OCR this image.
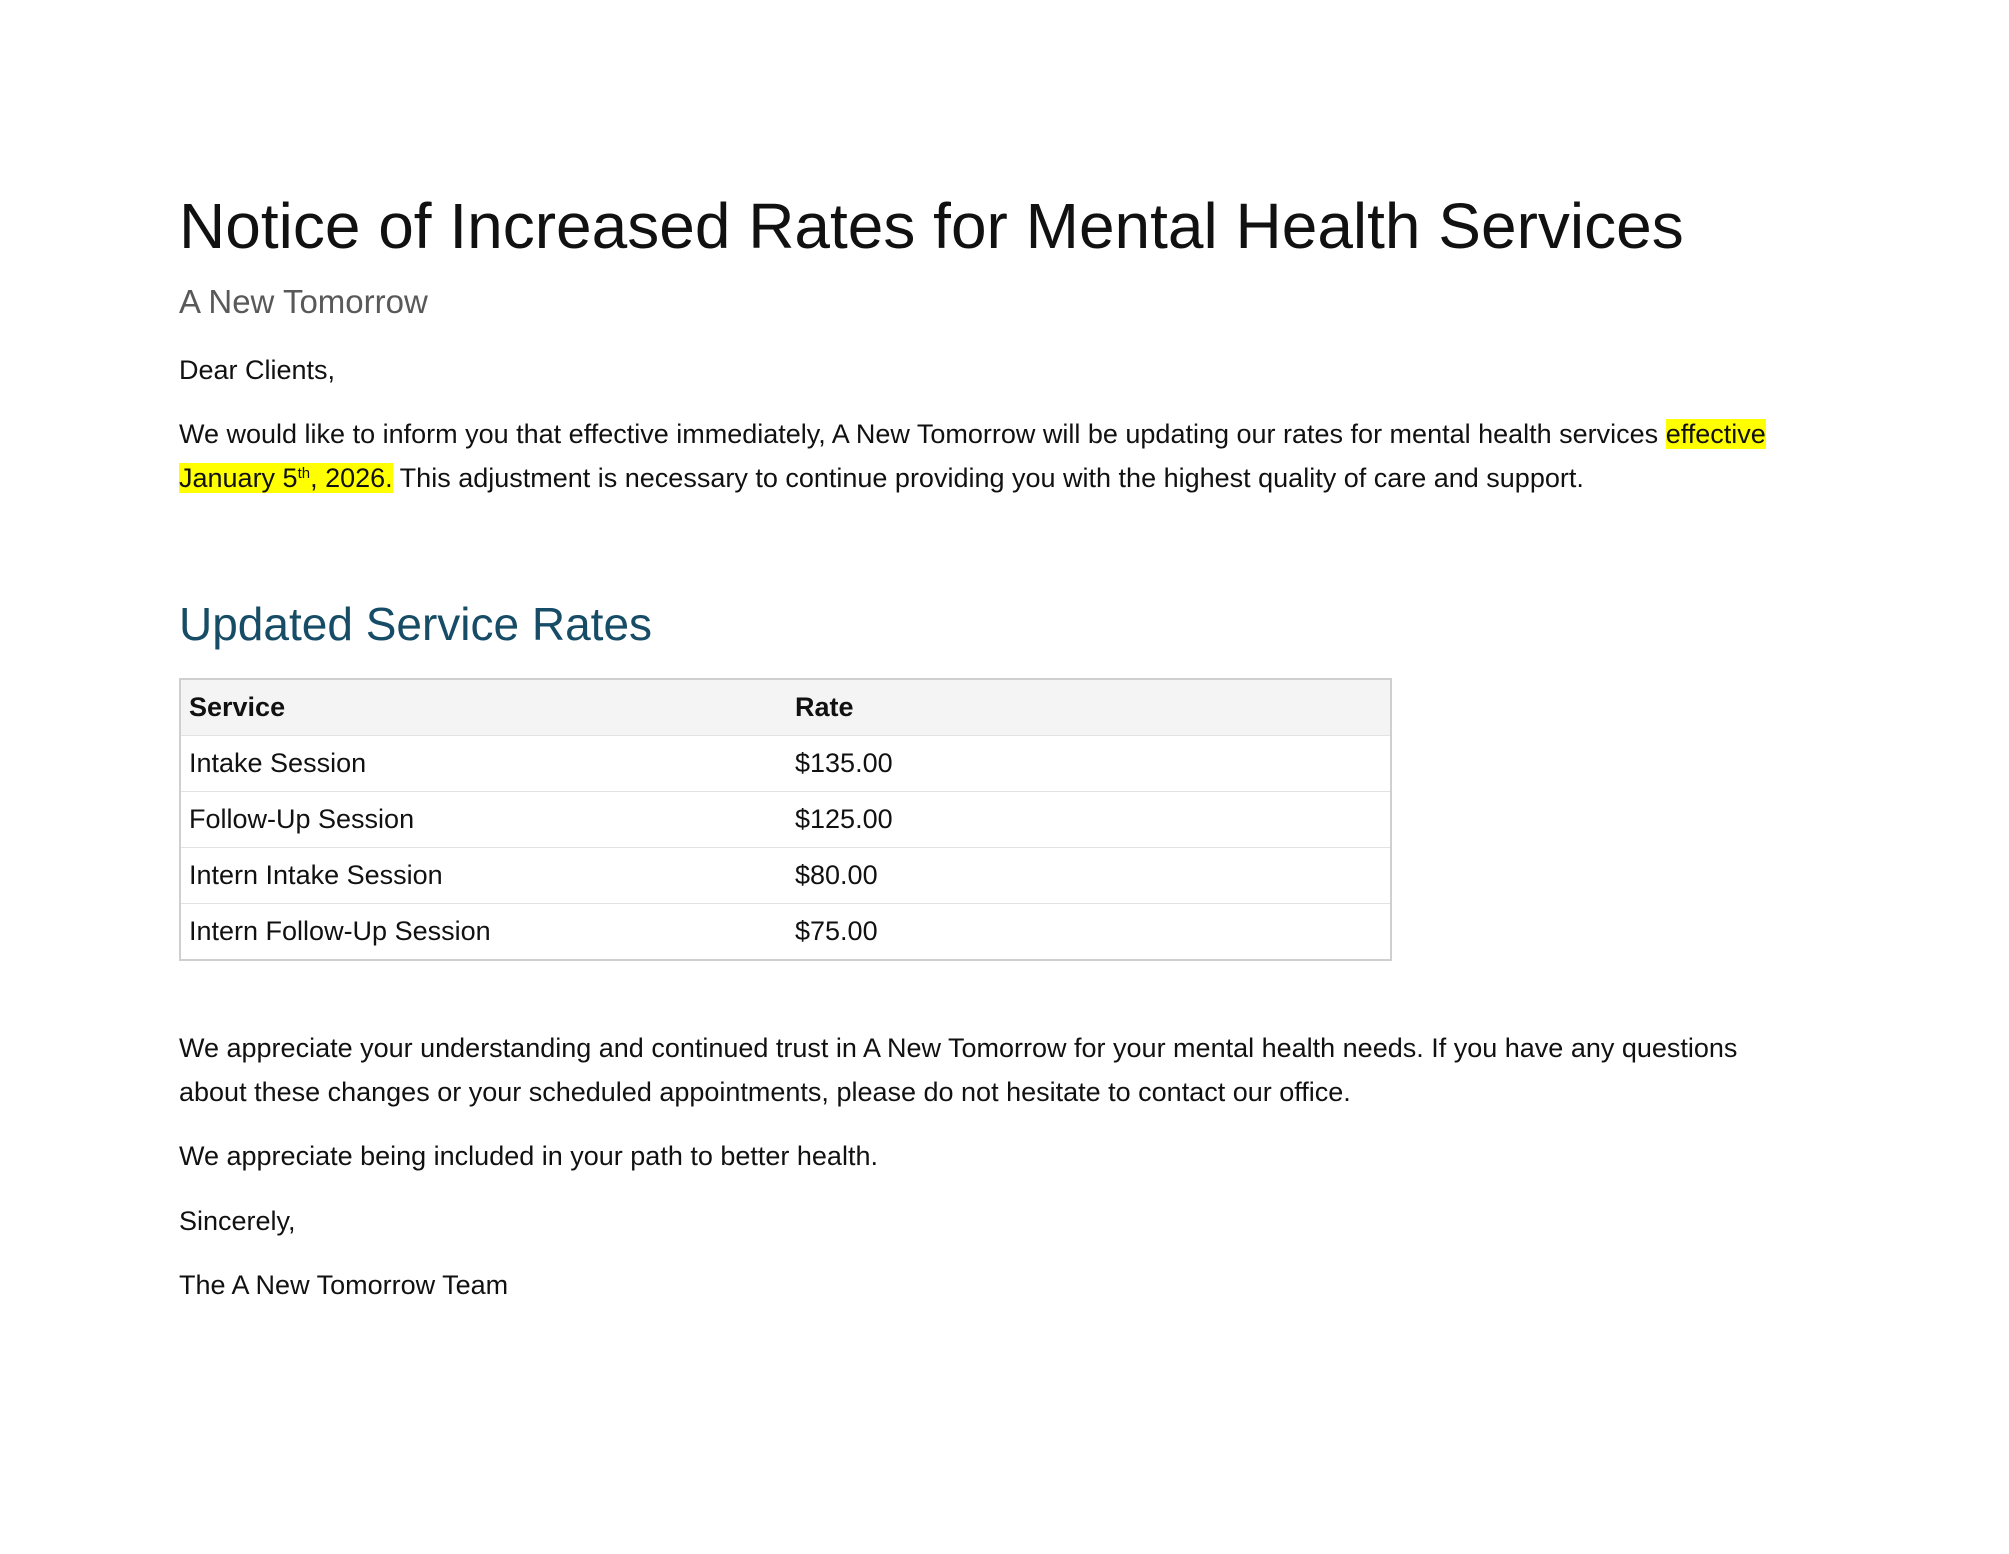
Notice of Increased Rates for Mental Health Services

A New Tomorrow

Dear Clients,

We would like to inform you that effective immediately, A New Tomorrow will be updating our rates for mental health services effective January 5th, 2026. This adjustment is necessary to continue providing you with the highest quality of care and support.

Updated Service Rates
Service	Rate
Intake Session	$135.00
Follow-Up Session	$125.00
Intern Intake Session	$80.00
Intern Follow-Up Session	$75.00

We appreciate your understanding and continued trust in A New Tomorrow for your mental health needs. If you have any questions about these changes or your scheduled appointments, please do not hesitate to contact our office.

We appreciate being included in your path to better health.

Sincerely,

The A New Tomorrow Team
